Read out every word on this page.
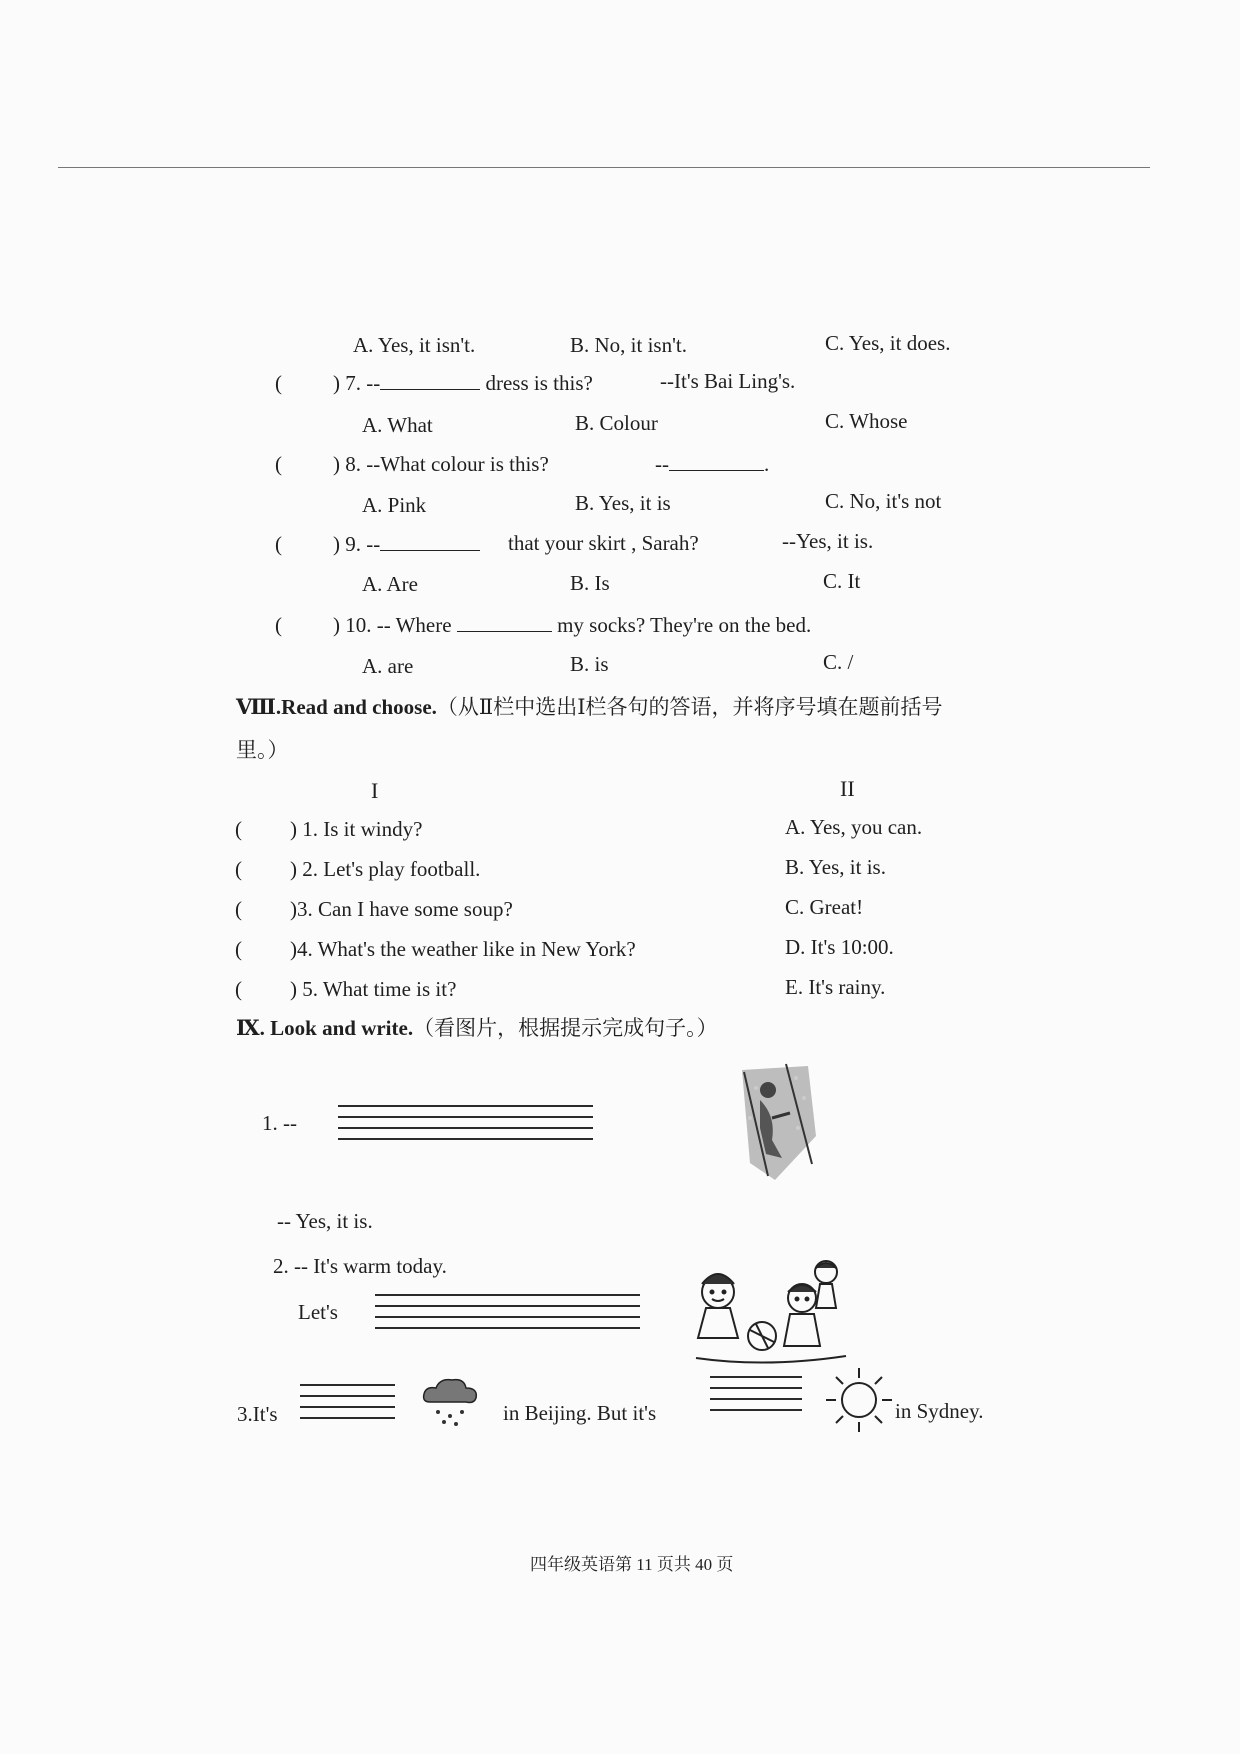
A. Yes, it isn't.	B. No, it isn't.	C. Yes, it does.
( ) 7. --	dress is this?	--It's Bai Ling's.
A. What	B. Colour	C. Whose
( ) 8. --What colour is this?	--	.
A. Pink	B. Yes, it is	C. No, it's not
( ) 9. --	that your skirt , Sarah?	--Yes, it is.
A. Are	B. Is	C. It
( ) 10. -- Where	my socks? They're on the bed.
A. are	B. is	C. /
Ⅷ.Read and choose.（从Ⅱ栏中选出Ⅰ栏各句的答语，并将序号填在题前括号
里。）
I	II
( ) 1. Is it windy?	A. Yes, you can.
( ) 2. Let's play football.	B. Yes, it is.
( )3. Can I have some soup?	C. Great!
( )4. What's the weather like in New York?	D. It's 10:00.
( ) 5. What time is it?	E. It's rainy.
Ⅸ. Look and write.（看图片，根据提示完成句子。）
1. --
-- Yes, it is.
2. -- It's warm today.
Let's
3.It's	in Beijing. But it's	in Sydney.
四年级英语第 11 页共 40 页
